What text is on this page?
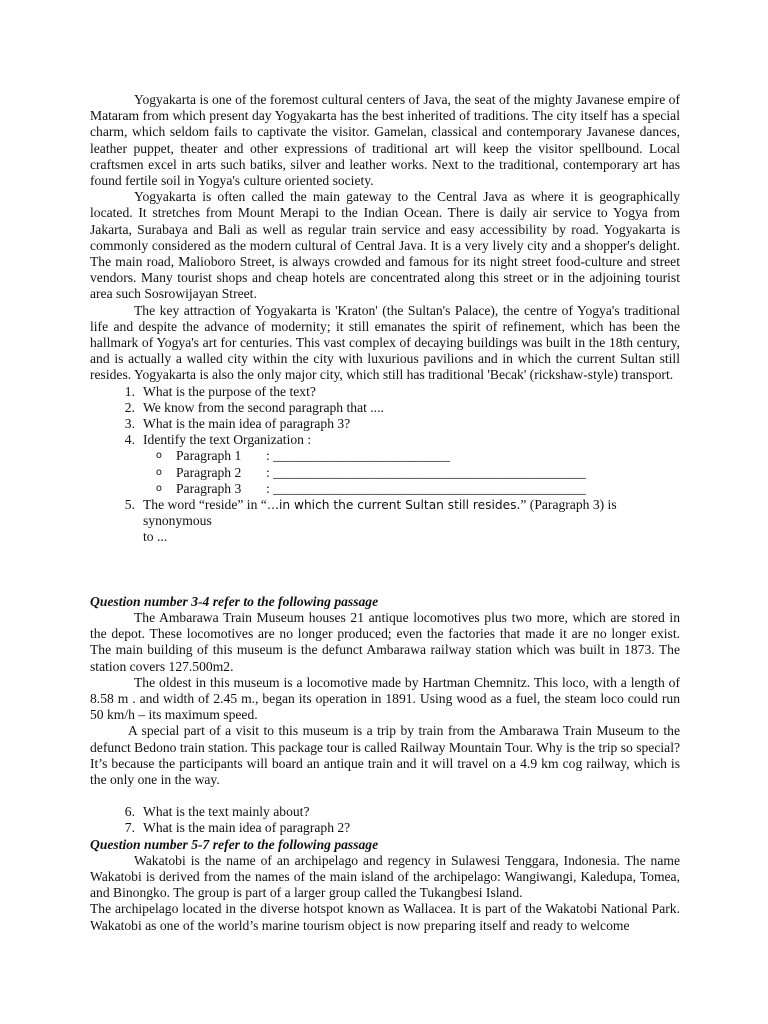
Yogyakarta is one of the foremost cultural centers of Java, the seat of the mighty Javanese empire of Mataram from which present day Yogyakarta has the best inherited of traditions. The city itself has a special charm, which seldom fails to captivate the visitor. Gamelan, classical and contemporary Javanese dances, leather puppet, theater and other expressions of traditional art will keep the visitor spellbound. Local craftsmen excel in arts such batiks, silver and leather works. Next to the traditional, contemporary art has found fertile soil in Yogya's culture oriented society.

Yogyakarta is often called the main gateway to the Central Java as where it is geographically located. It stretches from Mount Merapi to the Indian Ocean. There is daily air service to Yogya from Jakarta, Surabaya and Bali as well as regular train service and easy accessibility by road. Yogyakarta is commonly considered as the modern cultural of Central Java. It is a very lively city and a shopper's delight. The main road, Malioboro Street, is always crowded and famous for its night street food-culture and street vendors. Many tourist shops and cheap hotels are concentrated along this street or in the adjoining tourist area such Sosrowijayan Street.

The key attraction of Yogyakarta is 'Kraton' (the Sultan's Palace), the centre of Yogya's traditional life and despite the advance of modernity; it still emanates the spirit of refinement, which has been the hallmark of Yogya's art for centuries. This vast complex of decaying buildings was built in the 18th century, and is actually a walled city within the city with luxurious pavilions and in which the current Sultan still resides. Yogyakarta is also the only major city, which still has traditional 'Becak' (rickshaw-style) transport.

1. What is the purpose of the text?
2. We know from the second paragraph that ....
3. What is the main idea of paragraph 3?
4. Identify the text Organization :
o	Paragraph 1	: __________________________
o	Paragraph 2	: ______________________________________________
o	Paragraph 3	: ______________________________________________
5. The word “reside” in “…in which the current Sultan still resides.” (Paragraph 3) is synonymous
to ...

Question number 3-4 refer to the following passage

The Ambarawa Train Museum houses 21 antique locomotives plus two more, which are stored in the depot. These locomotives are no longer produced; even the factories that made it are no longer exist. The main building of this museum is the defunct Ambarawa railway station which was built in 1873. The station covers 127.500m2.

The oldest in this museum is a locomotive made by Hartman Chemnitz. This loco, with a length of 8.58 m . and width of 2.45 m., began its operation in 1891. Using wood as a fuel, the steam loco could run 50 km/h – its maximum speed.

A special part of a visit to this museum is a trip by train from the Ambarawa Train Museum to the defunct Bedono train station. This package tour is called Railway Mountain Tour. Why is the trip so special? It’s because the participants will board an antique train and it will travel on a 4.9 km cog railway, which is the only one in the way.

6. What is the text mainly about?
7. What is the main idea of paragraph 2?

Question number 5-7 refer to the following passage

Wakatobi is the name of an archipelago and regency in Sulawesi Tenggara, Indonesia. The name Wakatobi is derived from the names of the main island of the archipelago: Wangiwangi, Kaledupa, Tomea, and Binongko. The group is part of a larger group called the Tukangbesi Island.

The archipelago located in the diverse hotspot known as Wallacea. It is part of the Wakatobi National Park. Wakatobi as one of the world’s marine tourism object is now preparing itself and ready to welcome
